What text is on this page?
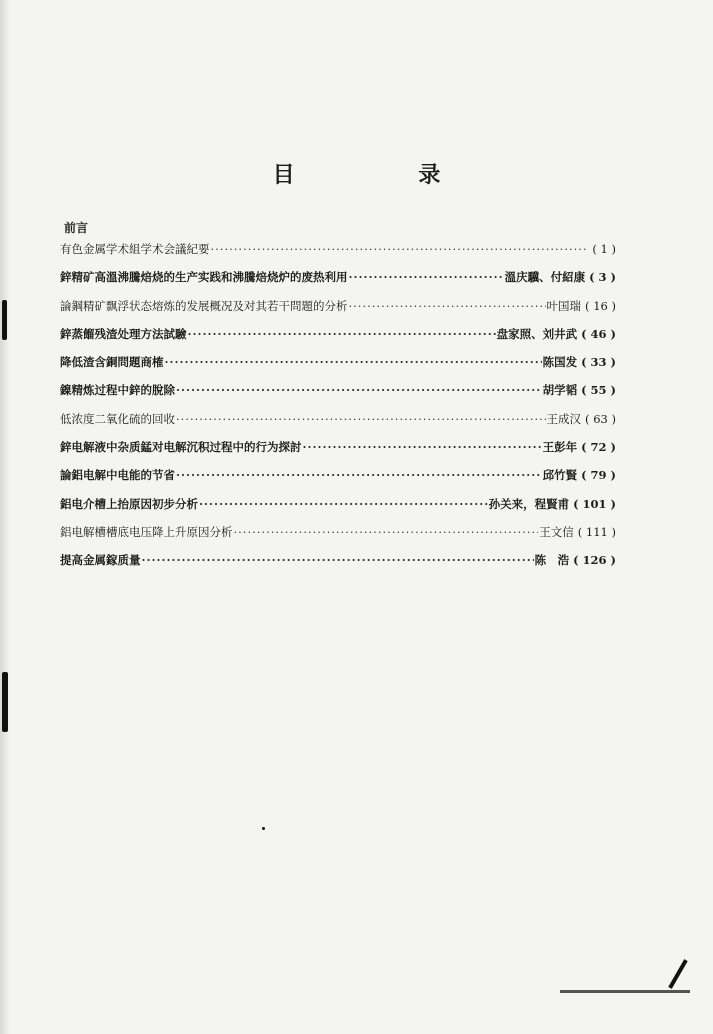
目 录
前言
有色金属学术組学术会議紀要 ·····	( 1 )
鋅精矿高溫沸騰焙烧的生产实践和沸騰焙烧炉的废热利用 ·····	溫庆驥、付紹康	( 3 )
論鋼精矿飘浮状态熔炼的发展概况及对其若干問題的分析 ·····	叶国瑞	( 16 )
鋅蒸餾残渣处理方法試驗 ·····	盘家照、刘井武	( 46 )
降低渣含銅問題商榷 ·····	陈国发	( 33 )
鎳精炼过程中鋅的脫除 ·····	胡学韬	( 55 )
低浓度二氧化硫的回收 ·····	王成汉	( 63 )
鋅电解液中杂质錳对电解沉积过程中的行为探討 ·····	王彭年	( 72 )
論鋁电解中电能的节省 ·····	邱竹賢	( 79 )
鋁电介槽上抬原因初步分析 ·····	孙关来，程賢甫	( 101 )
鋁电解槽槽底电压降上升原因分析 ·····	王文信	( 111 )
提高金属鎵质量 ·····	陈　浩	( 126 )
